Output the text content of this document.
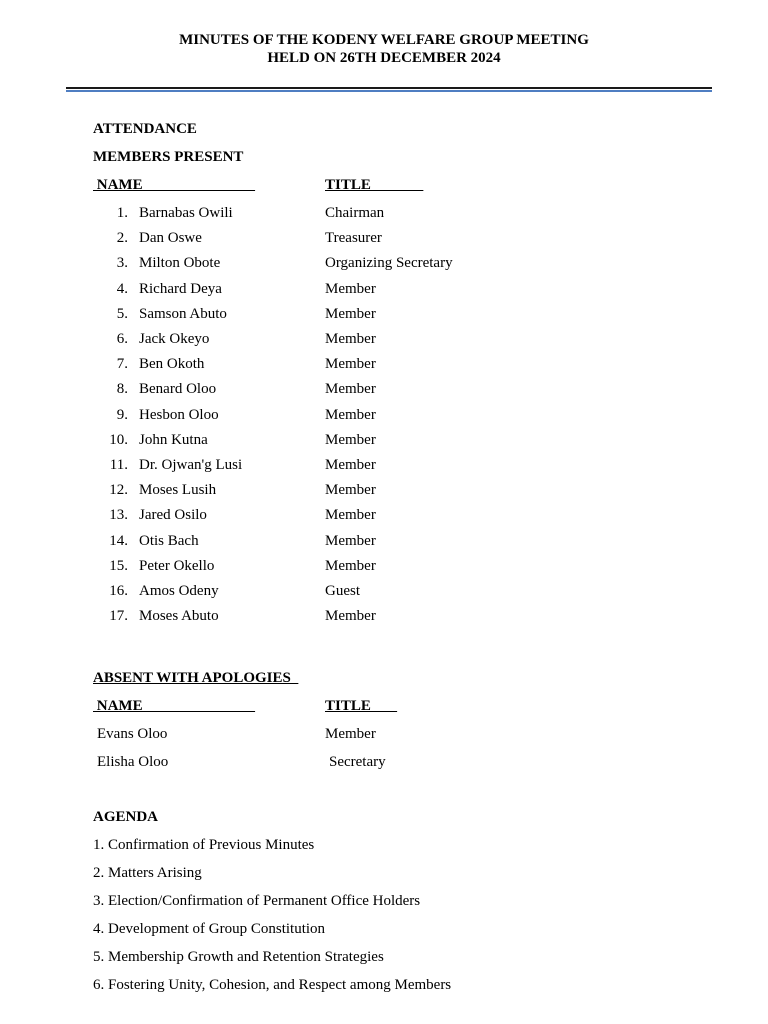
MINUTES OF THE KODENY WELFARE GROUP MEETING
HELD ON 26TH DECEMBER 2024
ATTENDANCE
MEMBERS PRESENT
NAME	TITLE
1. Barnabas Owili	Chairman
2. Dan Oswe	Treasurer
3. Milton Obote	Organizing Secretary
4. Richard Deya	Member
5. Samson Abuto	Member
6. Jack Okeyo	Member
7. Ben Okoth	Member
8. Benard Oloo	Member
9. Hesbon Oloo	Member
10. John Kutna	Member
11. Dr. Ojwan'g Lusi	Member
12. Moses Lusih	Member
13. Jared Osilo	Member
14. Otis Bach	Member
15. Peter Okello	Member
16. Amos Odeny	Guest
17. Moses Abuto	Member
ABSENT WITH APOLOGIES
NAME	TITLE
Evans Oloo	Member
Elisha Oloo	Secretary
AGENDA
1. Confirmation of Previous Minutes
2. Matters Arising
3. Election/Confirmation of Permanent Office Holders
4. Development of Group Constitution
5. Membership Growth and Retention Strategies
6. Fostering Unity, Cohesion, and Respect among Members
